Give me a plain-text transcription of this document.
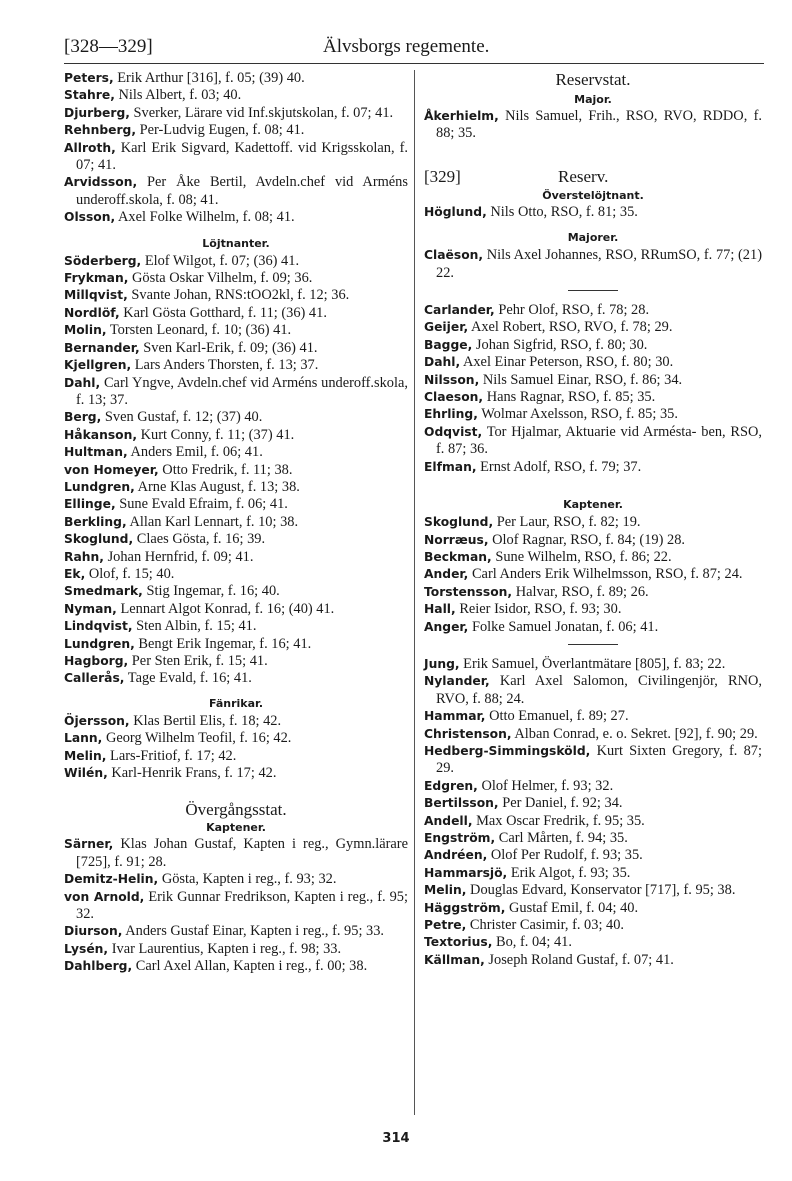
[328—329]	Älvsborgs regemente.

Peters, Erik Arthur [316], f. 05; (39) 40.

Stahre, Nils Albert, f. 03; 40.

Djurberg, Sverker, Lärare vid Inf.skjutskolan, f. 07; 41.

Rehnberg, Per-Ludvig Eugen, f. 08; 41.

Allroth, Karl Erik Sigvard, Kadettoff. vid Krigsskolan, f. 07; 41.

Arvidsson, Per Åke Bertil, Avdeln.chef vid Arméns underoff.skola, f. 08; 41.

Olsson, Axel Folke Wilhelm, f. 08; 41.

Löjtnanter.

Söderberg, Elof Wilgot, f. 07; (36) 41.

Frykman, Gösta Oskar Vilhelm, f. 09; 36.

Millqvist, Svante Johan, RNS:tOO2kl, f. 12; 36.

Nordlöf, Karl Gösta Gotthard, f. 11; (36) 41.

Molin, Torsten Leonard, f. 10; (36) 41.

Bernander, Sven Karl-Erik, f. 09; (36) 41.

Kjellgren, Lars Anders Thorsten, f. 13; 37.

Dahl, Carl Yngve, Avdeln.chef vid Arméns underoff.skola, f. 13; 37.

Berg, Sven Gustaf, f. 12; (37) 40.

Håkanson, Kurt Conny, f. 11; (37) 41.

Hultman, Anders Emil, f. 06; 41.

von Homeyer, Otto Fredrik, f. 11; 38.

Lundgren, Arne Klas August, f. 13; 38.

Ellinge, Sune Evald Efraim, f. 06; 41.

Berkling, Allan Karl Lennart, f. 10; 38.

Skoglund, Claes Gösta, f. 16; 39.

Rahn, Johan Hernfrid, f. 09; 41.

Ek, Olof, f. 15; 40.

Smedmark, Stig Ingemar, f. 16; 40.

Nyman, Lennart Algot Konrad, f. 16; (40) 41.

Lindqvist, Sten Albin, f. 15; 41.

Lundgren, Bengt Erik Ingemar, f. 16; 41.

Hagborg, Per Sten Erik, f. 15; 41.

Callerås, Tage Evald, f. 16; 41.

Fänrikar.

Öjersson, Klas Bertil Elis, f. 18; 42.

Lann, Georg Wilhelm Teofil, f. 16; 42.

Melin, Lars-Fritiof, f. 17; 42.

Wilén, Karl-Henrik Frans, f. 17; 42.

Övergångsstat.
Kaptener.

Särner, Klas Johan Gustaf, Kapten i reg., Gymn.lärare [725], f. 91; 28.

Demitz-Helin, Gösta, Kapten i reg., f. 93; 32.

von Arnold, Erik Gunnar Fredrikson, Kapten i reg., f. 95; 32.

Diurson, Anders Gustaf Einar, Kapten i reg., f. 95; 33.

Lysén, Ivar Laurentius, Kapten i reg., f. 98; 33.

Dahlberg, Carl Axel Allan, Kapten i reg., f. 00; 38.

Reservstat.
Major.

Åkerhielm, Nils Samuel, Frih., RSO, RVO, RDDO, f. 88; 35.

[329]	Reserv.
Överstelöjtnant.

Höglund, Nils Otto, RSO, f. 81; 35.

Majorer.

Claëson, Nils Axel Johannes, RSO, RRumSO, f. 77; (21) 22.

Carlander, Pehr Olof, RSO, f. 78; 28.

Geijer, Axel Robert, RSO, RVO, f. 78; 29.

Bagge, Johan Sigfrid, RSO, f. 80; 30.

Dahl, Axel Einar Peterson, RSO, f. 80; 30.

Nilsson, Nils Samuel Einar, RSO, f. 86; 34.

Claeson, Hans Ragnar, RSO, f. 85; 35.

Ehrling, Wolmar Axelsson, RSO, f. 85; 35.

Odqvist, Tor Hjalmar, Aktuarie vid Armésta- ben, RSO, f. 87; 36.

Elfman, Ernst Adolf, RSO, f. 79; 37.

Kaptener.

Skoglund, Per Laur, RSO, f. 82; 19.

Norræus, Olof Ragnar, RSO, f. 84; (19) 28.

Beckman, Sune Wilhelm, RSO, f. 86; 22.

Ander, Carl Anders Erik Wilhelmsson, RSO, f. 87; 24.

Torstensson, Halvar, RSO, f. 89; 26.

Hall, Reier Isidor, RSO, f. 93; 30.

Anger, Folke Samuel Jonatan, f. 06; 41.

Jung, Erik Samuel, Överlantmätare [805], f. 83; 22.

Nylander, Karl Axel Salomon, Civilingenjör, RNO, RVO, f. 88; 24.

Hammar, Otto Emanuel, f. 89; 27.

Christenson, Alban Conrad, e. o. Sekret. [92], f. 90; 29.

Hedberg-Simmingsköld, Kurt Sixten Gregory, f. 87; 29.

Edgren, Olof Helmer, f. 93; 32.

Bertilsson, Per Daniel, f. 92; 34.

Andell, Max Oscar Fredrik, f. 95; 35.

Engström, Carl Mårten, f. 94; 35.

Andréen, Olof Per Rudolf, f. 93; 35.

Hammarsjö, Erik Algot, f. 93; 35.

Melin, Douglas Edvard, Konservator [717], f. 95; 38.

Häggström, Gustaf Emil, f. 04; 40.

Petre, Christer Casimir, f. 03; 40.

Textorius, Bo, f. 04; 41.

Källman, Joseph Roland Gustaf, f. 07; 41.

314
